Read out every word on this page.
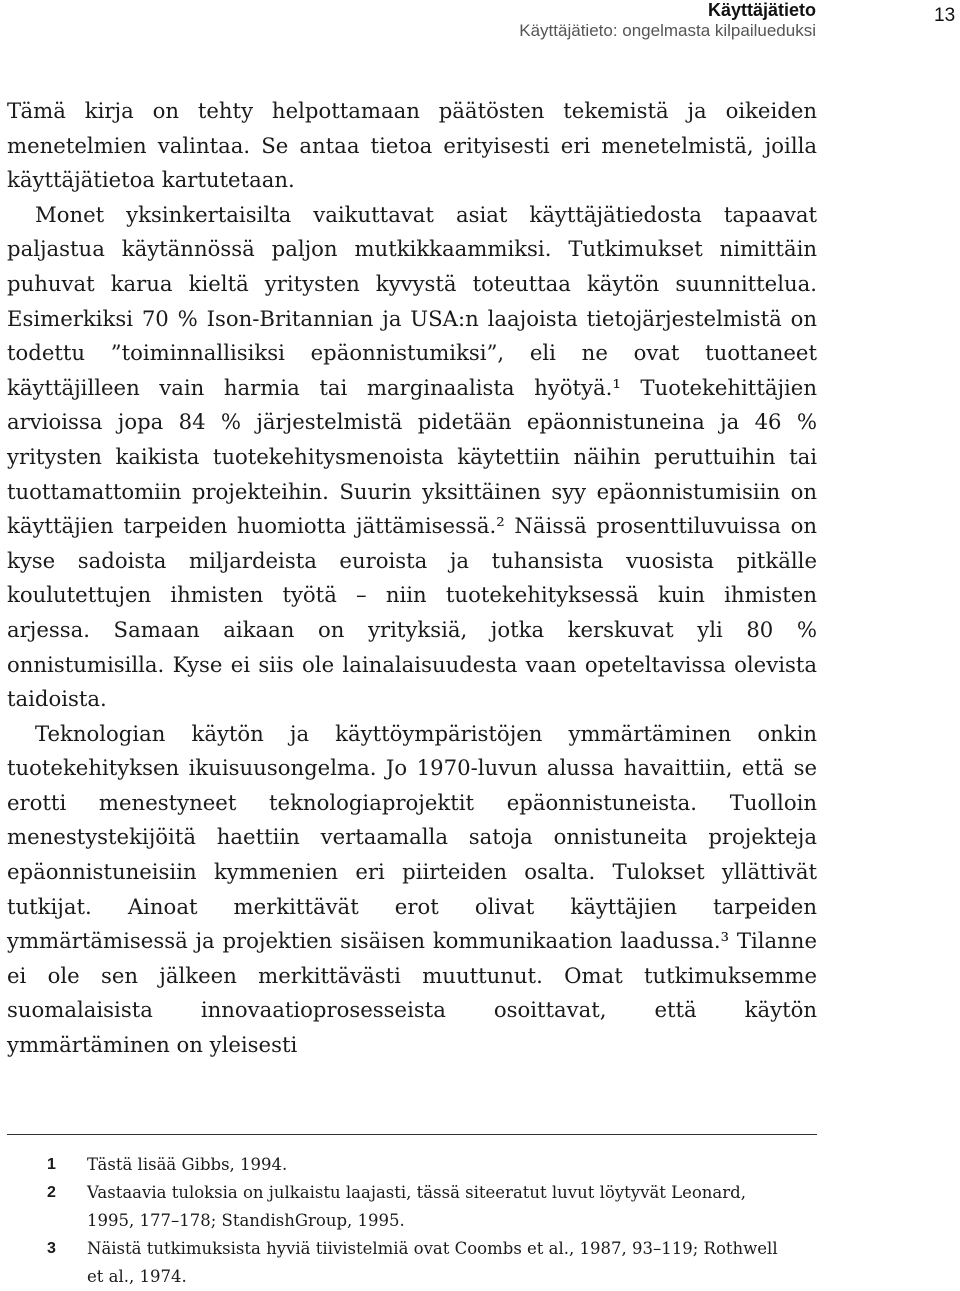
Käyttäjätieto
Käyttäjätieto: ongelmasta kilpailueduksi
13

Tämä kirja on tehty helpottamaan päätösten tekemistä ja oikeiden menetelmien valintaa. Se antaa tietoa erityisesti eri menetelmistä, joilla käyttäjätietoa kartutetaan.

Monet yksinkertaisilta vaikuttavat asiat käyttäjätiedosta tapaavat paljastua käytännössä paljon mutkikkaammiksi. Tutkimukset nimittäin puhuvat karua kieltä yritysten kyvystä toteuttaa käytön suunnittelua. Esimerkiksi 70 % Ison-Britannian ja USA:n laajoista tietojärjestelmistä on todettu ”toiminnallisiksi epäonnistumiksi”, eli ne ovat tuottaneet käyttäjilleen vain harmia tai marginaalista hyötyä.¹ Tuotekehittäjien arvioissa jopa 84 % järjestelmistä pidetään epäonnistuneina ja 46 % yritysten kaikista tuotekehitysmenoista käytettiin näihin peruttuihin tai tuottamattomiin projekteihin. Suurin yksittäinen syy epäonnistumisiin on käyttäjien tarpeiden huomiotta jättämisessä.² Näissä prosenttiluvuissa on kyse sadoista miljardeista euroista ja tuhansista vuosista pitkälle koulutettujen ihmisten työtä – niin tuotekehityksessä kuin ihmisten arjessa. Samaan aikaan on yrityksiä, jotka kerskuvat yli 80 % onnistumisilla. Kyse ei siis ole lainalaisuudesta vaan opeteltavissa olevista taidoista.

Teknologian käytön ja käyttöympäristöjen ymmärtäminen onkin tuotekehityksen ikuisuusongelma. Jo 1970-luvun alussa havaittiin, että se erotti menestyneet teknologiaprojektit epäonnistuneista. Tuolloin menestystekijöitä haettiin vertaamalla satoja onnistuneita projekteja epäonnistuneisiin kymmenien eri piirteiden osalta. Tulokset yllättivät tutkijat. Ainoat merkittävät erot olivat käyttäjien tarpeiden ymmärtämisessä ja projektien sisäisen kommunikaation laadussa.³ Tilanne ei ole sen jälkeen merkittävästi muuttunut. Omat tutkimuksemme suomalaisista innovaatioprosesseista osoittavat, että käytön ymmärtäminen on yleisesti

1	Tästä lisää Gibbs, 1994.
2	Vastaavia tuloksia on julkaistu laajasti, tässä siteeratut luvut löytyvät Leonard, 1995, 177–178; StandishGroup, 1995.
3	Näistä tutkimuksista hyviä tiivistelmiä ovat Coombs et al., 1987, 93–119; Rothwell et al., 1974.
